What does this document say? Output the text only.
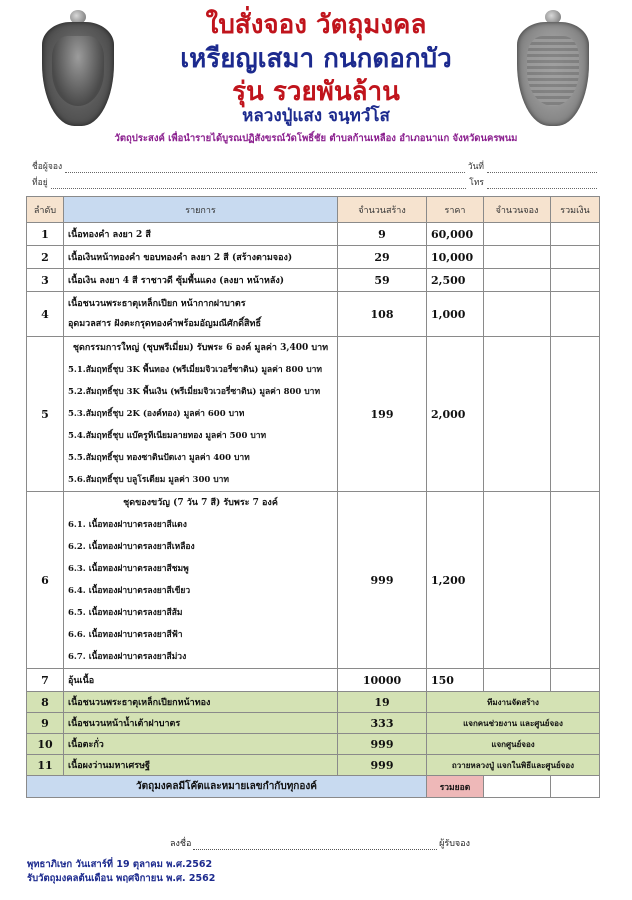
ใบสั่งจอง วัตถุมงคล
เหรียญเสมา กนกดอกบัว
รุ่น รวยพันล้าน
หลวงปู่แสง จนฺทวํโส
วัตถุประสงค์ เพื่อนำรายได้บูรณปฏิสังขรณ์วัดโพธิ์ชัย ตำบลก้านเหลือง อำเภอนาแก จังหวัดนครพนม
ชื่อผู้จอง	วันที่
ที่อยู่	โทร
ลำดับ	รายการ	จำนวนสร้าง	ราคา	จำนวนจอง	รวมเงิน
1	เนื้อทองคำ ลงยา 2 สี	9	60,000		
2	เนื้อเงินหน้าทองคำ ขอบทองคำ ลงยา 2 สี (สร้างตามจอง)	29	10,000		
3	เนื้อเงิน ลงยา 4 สี ราชาวดี ซุ้มพื้นแดง (ลงยา หน้าหลัง)	59	2,500		
4	เนื้อชนวนพระธาตุเหล็กเปียก หน้ากากฝาบาตร
อุดมวลสาร ฝังตะกรุดทองคำพร้อมอัญมณีศักดิ์สิทธิ์	108	1,000		
5	
ชุดกรรมการใหญ่ (ชุบพรีเมี่ยม) รับพระ 6 องค์ มูลค่า 3,400 บาท
5.1.สัมฤทธิ์ชุบ 3K พื้นทอง (พรีเมี่ยมจิวเวอรี่ซาติน) มูลค่า 800 บาท
5.2.สัมฤทธิ์ชุบ 3K พื้นเงิน (พรีเมี่ยมจิวเวอรี่ซาติน) มูลค่า 800 บาท
5.3.สัมฤทธิ์ชุบ 2K (องค์ทอง) มูลค่า 600 บาท
5.4.สัมฤทธิ์ชุบ แบ๊ครูทีเนียมลายทอง มูลค่า 500 บาท
5.5.สัมฤทธิ์ชุบ ทองซาตินปัดเงา มูลค่า 400 บาท
5.6.สัมฤทธิ์ชุบ บลูโรเดียม มูลค่า 300 บาท
	199	2,000		
6	
ชุดของขวัญ (7 วัน 7 สี) รับพระ 7 องค์
6.1. เนื้อทองฝาบาตรลงยาสีแดง
6.2. เนื้อทองฝาบาตรลงยาสีเหลือง
6.3. เนื้อทองฝาบาตรลงยาสีชมพู
6.4. เนื้อทองฝาบาตรลงยาสีเขียว
6.5. เนื้อทองฝาบาตรลงยาสีส้ม
6.6. เนื้อทองฝาบาตรลงยาสีฟ้า
6.7. เนื้อทองฝาบาตรลงยาสีม่วง
	999	1,200		
7	อุ้นเนื้อ	10000	150		
8	เนื้อชนวนพระธาตุเหล็กเปียกหน้าทอง	19	ทีมงานจัดสร้าง		
9	เนื้อชนวนหน้าน้ำเต้าฝาบาตร	333	แจกคนช่วยงาน และศูนย์จอง		
10	เนื้อตะกั่ว	999	แจกศูนย์จอง		
11	เนื้อผงว่านมหาเศรษฐี	999	ถวายหลวงปู่ แจกในพิธีและศูนย์จอง		
วัตถุมงคลมีโค๊ตและหมายเลขกำกับทุกองค์			รวมยอด		
ลงชื่อ	ผู้รับจอง
พุทธาภิเษก วันเสาร์ที่ 19 ตุลาคม พ.ศ.2562
รับวัตถุมงคลต้นเดือน พฤศจิกายน พ.ศ. 2562
